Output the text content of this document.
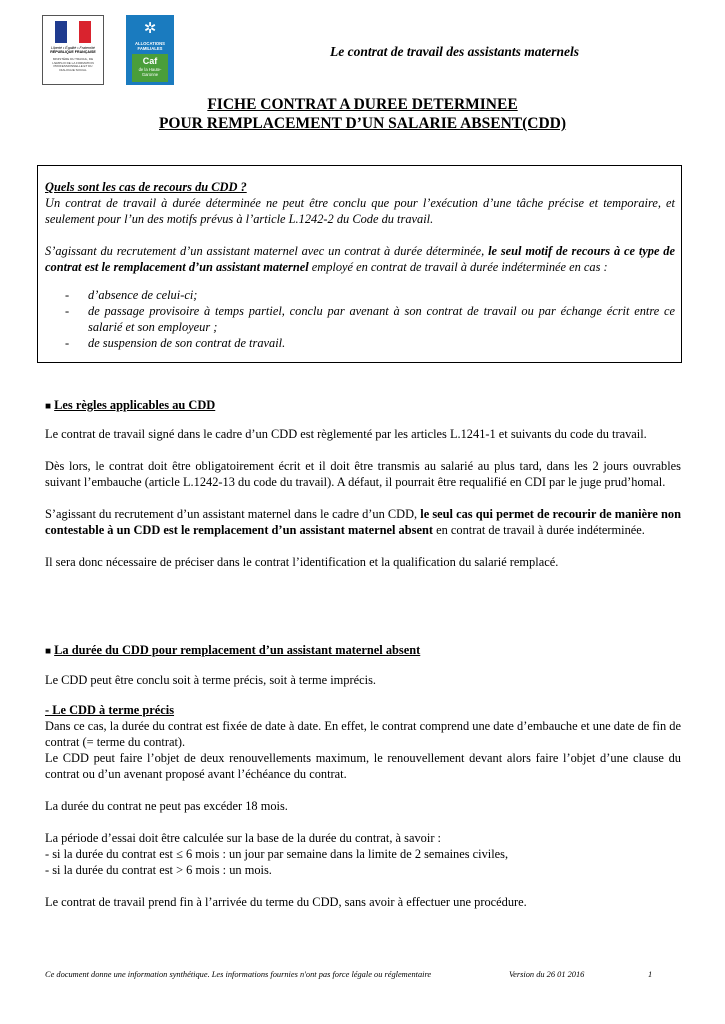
Liberté • Égalité • Fraternité
RÉPUBLIQUE FRANÇAISE
MINISTÈRE DU TRAVAIL, DE L'EMPLOI DE LA FORMATION PROFESSIONNELLE ET DU DIALOGUE SOCIAL
✲
ALLOCATIONS FAMILIALES
Caf
de la Haute-Garonne
Le contrat de travail des assistants maternels
FICHE CONTRAT A DUREE DETERMINEE
POUR REMPLACEMENT D’UN SALARIE ABSENT(CDD)

Quels sont les cas de recours du CDD ?

Un contrat de travail à durée déterminée ne peut être conclu que pour l’exécution d’une tâche précise et temporaire, et seulement pour l’un des motifs prévus à l’article L.1242-2 du Code du travail.

S’agissant du recrutement d’un assistant maternel avec un contrat à durée déterminée, le seul motif de recours à ce type de contrat est le remplacement d’un assistant maternel employé en contrat de travail à durée indéterminée en cas :

- d’absence de celui-ci;
- de passage provisoire à temps partiel, conclu par avenant à son contrat de travail ou par échange écrit entre ce salarié et son employeur ;
- de suspension de son contrat de travail.
■ Les règles applicables au CDD

Le contrat de travail signé dans le cadre d’un CDD est règlementé par les articles L.1241-1 et suivants du code du travail.

Dès lors, le contrat doit être obligatoirement écrit et il doit être transmis au salarié au plus tard, dans les 2 jours ouvrables suivant l’embauche (article L.1242-13 du code du travail). A défaut, il pourrait être requalifié en CDI par le juge prud’homal.

S’agissant du recrutement d’un assistant maternel dans le cadre d’un CDD, le seul cas qui permet de recourir de manière non contestable à un CDD est le remplacement d’un assistant maternel absent en contrat de travail à durée indéterminée.

Il sera donc nécessaire de préciser dans le contrat l’identification et la qualification du salarié remplacé.

■ La durée du CDD pour remplacement d’un assistant maternel absent

Le CDD peut être conclu soit à terme précis, soit à terme imprécis.

- Le CDD à terme précis

Dans ce cas, la durée du contrat est fixée de date à date. En effet, le contrat comprend une date d’embauche et une date de fin de contrat (= terme du contrat).

Le CDD peut faire l’objet de deux renouvellements maximum, le renouvellement devant alors faire l’objet d’une clause du contrat ou d’un avenant proposé avant l’échéance du contrat.

La durée du contrat ne peut pas excéder 18 mois.

La période d’essai doit être calculée sur la base de la durée du contrat, à savoir :

- si la durée du contrat est ≤ 6 mois : un jour par semaine dans la limite de 2 semaines civiles,

- si la durée du contrat est > 6 mois : un mois.

Le contrat de travail prend fin à l’arrivée du terme du CDD, sans avoir à effectuer une procédure.

Ce document donne une information synthétique. Les informations fournies n'ont pas force légale ou réglementaire	Version du 26 01 2016	1
